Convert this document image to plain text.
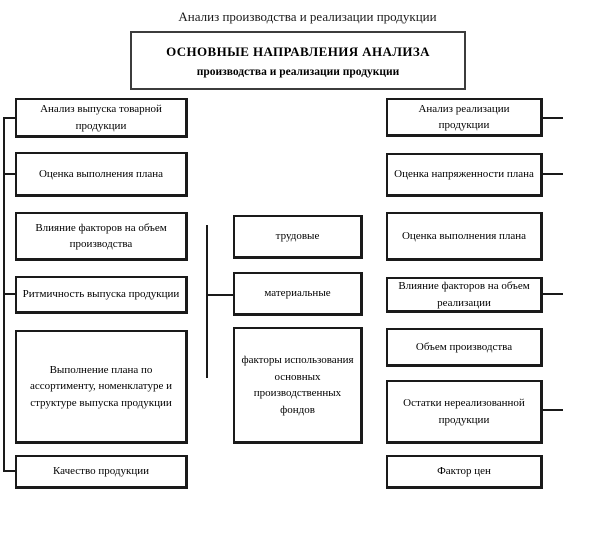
Анализ производства и реализации продукции
ОСНОВНЫЕ НАПРАВЛЕНИЯ АНАЛИЗА
производства и реализации продукции
Анализ выпуска товарной продукции
Оценка выполнения плана
Влияние факторов на объем производства
Ритмичность выпуска продукции
Выполнение плана по ассортименту, номенклатуре и структуре выпуска продукции
Качество продукции
трудовые
материальные
факторы использования основных производственных фондов
Анализ реализации продукции
Оценка напряженности плана
Оценка выполнения плана
Влияние факторов на объем реализации
Объем производства
Остатки нереализованной продукции
Фактор цен
